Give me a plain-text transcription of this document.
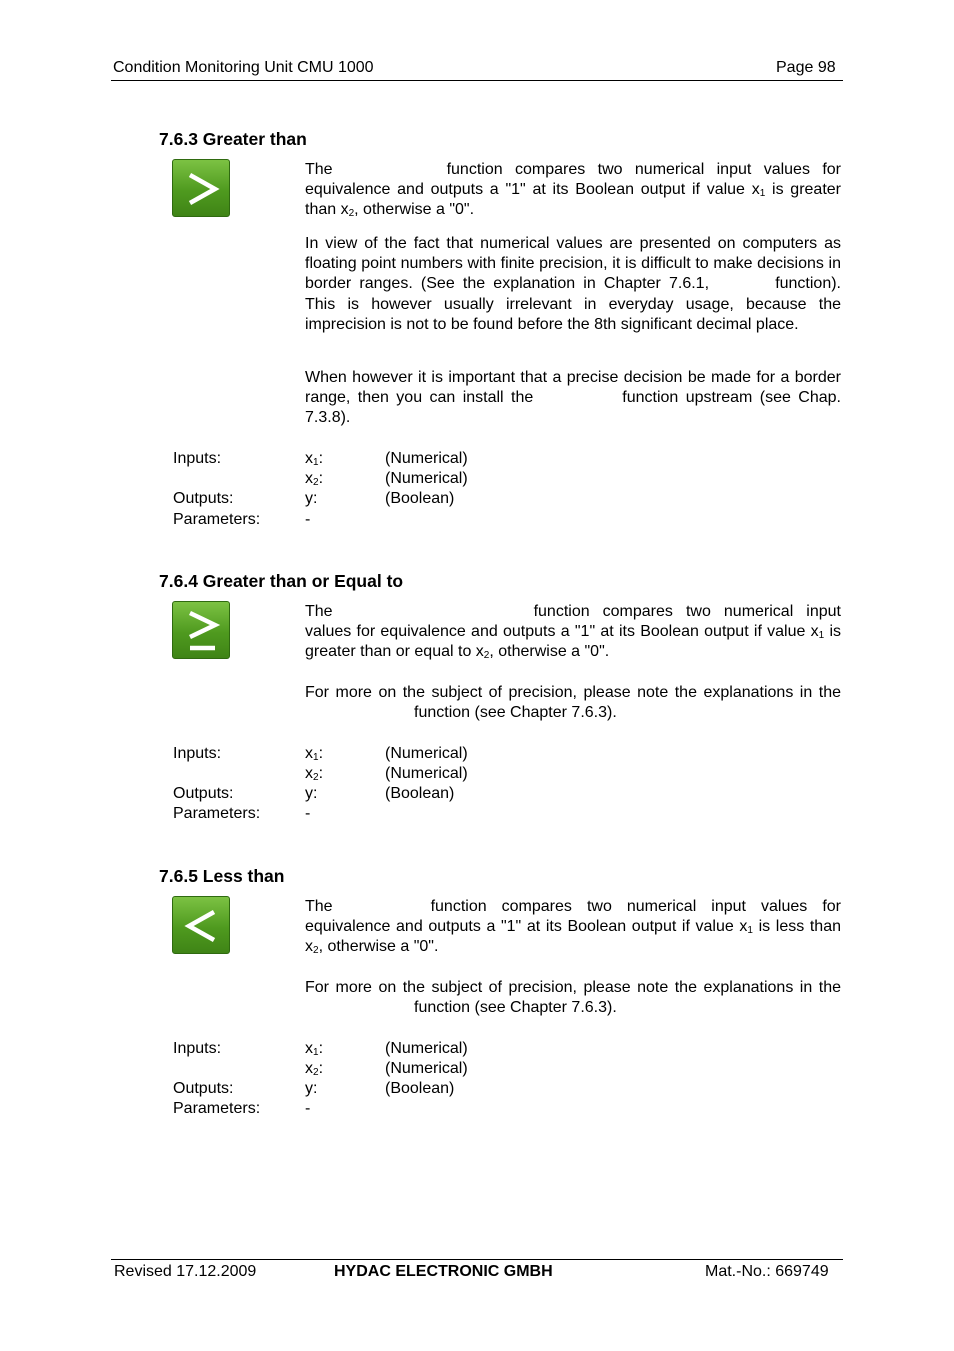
Condition Monitoring Unit CMU 1000	Page 98
7.6.3 Greater than

The	function compares two numerical input values for equivalence and outputs a "1" at its Boolean output if value $x_1$ is greater than $x_2$, otherwise a "0".

In view of the fact that numerical values are presented on computers as floating point numbers with finite precision, it is difficult to make decisions in border ranges. (See the explanation in Chapter 7.6.1,	function). This is however usually irrelevant in everyday usage, because the imprecision is not to be found before the 8th significant decimal place.

When however it is important that a precise decision be made for a border range, then you can install the	function upstream (see Chap. 7.3.8).

Inputs:	$x_1$:	(Numerical)
$x_2$:	(Numerical)
Outputs:	y:	(Boolean)
Parameters:	-
7.6.4 Greater than or Equal to

The	function compares two numerical input values for equivalence and outputs a "1" at its Boolean output if value $x_1$ is greater than or equal to $x_2$, otherwise a "0".

For more on the subject of precision, please note the explanations in thefunction (see Chapter 7.6.3).

Inputs:	$x_1$:	(Numerical)
$x_2$:	(Numerical)
Outputs:	y:	(Boolean)
Parameters:	-
7.6.5 Less than

The	function compares two numerical input values for equivalence and outputs a "1" at its Boolean output if value $x_1$ is less than $x_2$, otherwise a "0".

For more on the subject of precision, please note the explanations in thefunction (see Chapter 7.6.3).

Inputs:	$x_1$:	(Numerical)
$x_2$:	(Numerical)
Outputs:	y:	(Boolean)
Parameters:	-
Revised 17.12.2009	HYDAC ELECTRONIC GMBH	Mat.-No.: 669749
